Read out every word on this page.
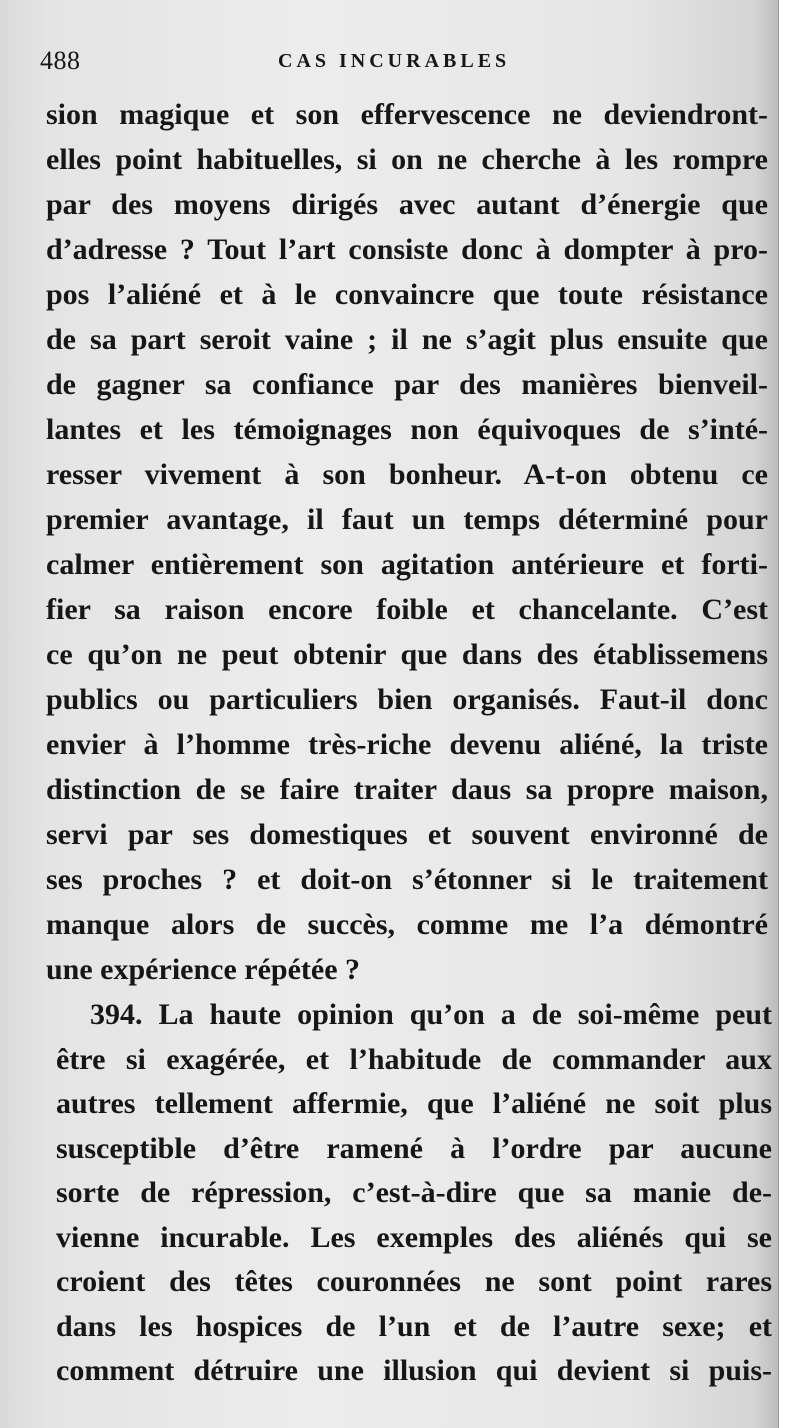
488	CAS INCURABLES
sion magique et son effervescence ne deviendront-
elles point habituelles, si on ne cherche à les rompre
par des moyens dirigés avec autant d’énergie que
d’adresse ? Tout l’art consiste donc à dompter à pro-
pos l’aliéné et à le convaincre que toute résistance
de sa part seroit vaine ; il ne s’agit plus ensuite que
de gagner sa confiance par des manières bienveil-
lantes et les témoignages non équivoques de s’inté-
resser vivement à son bonheur. A-t-on obtenu ce
premier avantage, il faut un temps déterminé pour
calmer entièrement son agitation antérieure et forti-
fier sa raison encore foible et chancelante. C’est
ce qu’on ne peut obtenir que dans des établissemens
publics ou particuliers bien organisés. Faut-il donc
envier à l’homme très-riche devenu aliéné, la triste
distinction de se faire traiter daus sa propre maison,
servi par ses domestiques et souvent environné de
ses proches ? et doit-on s’étonner si le traitement
manque alors de succès, comme me l’a démontré
une expérience répétée ?
394. La haute opinion qu’on a de soi-même peut
être si exagérée, et l’habitude de commander aux
autres tellement affermie, que l’aliéné ne soit plus
susceptible d’être ramené à l’ordre par aucune
sorte de répression, c’est-à-dire que sa manie de-
vienne incurable. Les exemples des aliénés qui se
croient des têtes couronnées ne sont point rares
dans les hospices de l’un et de l’autre sexe; et
comment détruire une illusion qui devient si puis-
